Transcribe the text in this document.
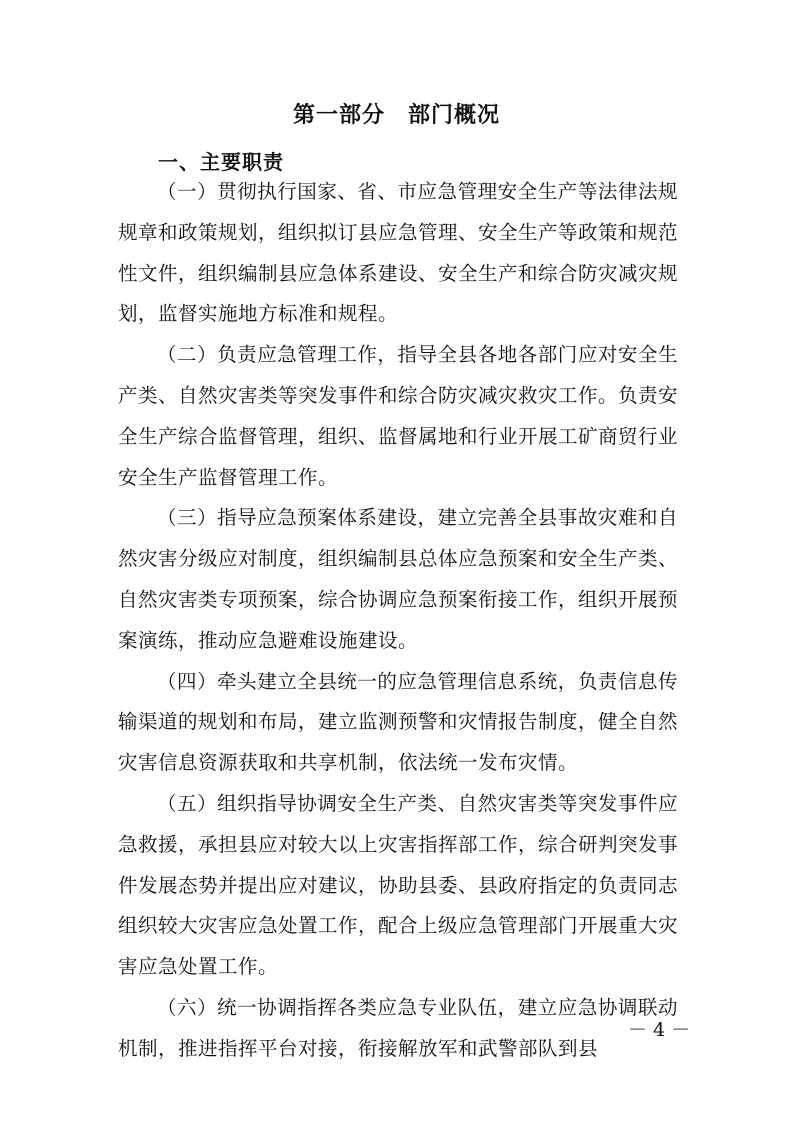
第一部分　部门概况
一、主要职责

（一）贯彻执行国家、省、市应急管理安全生产等法律法规规章和政策规划，组织拟订县应急管理、安全生产等政策和规范性文件，组织编制县应急体系建设、安全生产和综合防灾减灾规划，监督实施地方标准和规程。

（二）负责应急管理工作，指导全县各地各部门应对安全生产类、自然灾害类等突发事件和综合防灾减灾救灾工作。负责安全生产综合监督管理，组织、监督属地和行业开展工矿商贸行业安全生产监督管理工作。

（三）指导应急预案体系建设，建立完善全县事故灾难和自然灾害分级应对制度，组织编制县总体应急预案和安全生产类、自然灾害类专项预案，综合协调应急预案衔接工作，组织开展预案演练，推动应急避难设施建设。

（四）牵头建立全县统一的应急管理信息系统，负责信息传输渠道的规划和布局，建立监测预警和灾情报告制度，健全自然灾害信息资源获取和共享机制，依法统一发布灾情。

（五）组织指导协调安全生产类、自然灾害类等突发事件应急救援，承担县应对较大以上灾害指挥部工作，综合研判突发事件发展态势并提出应对建议，协助县委、县政府指定的负责同志组织较大灾害应急处置工作，配合上级应急管理部门开展重大灾害应急处置工作。

（六）统一协调指挥各类应急专业队伍，建立应急协调联动机制，推进指挥平台对接，衔接解放军和武警部队到县

－ 4 －
